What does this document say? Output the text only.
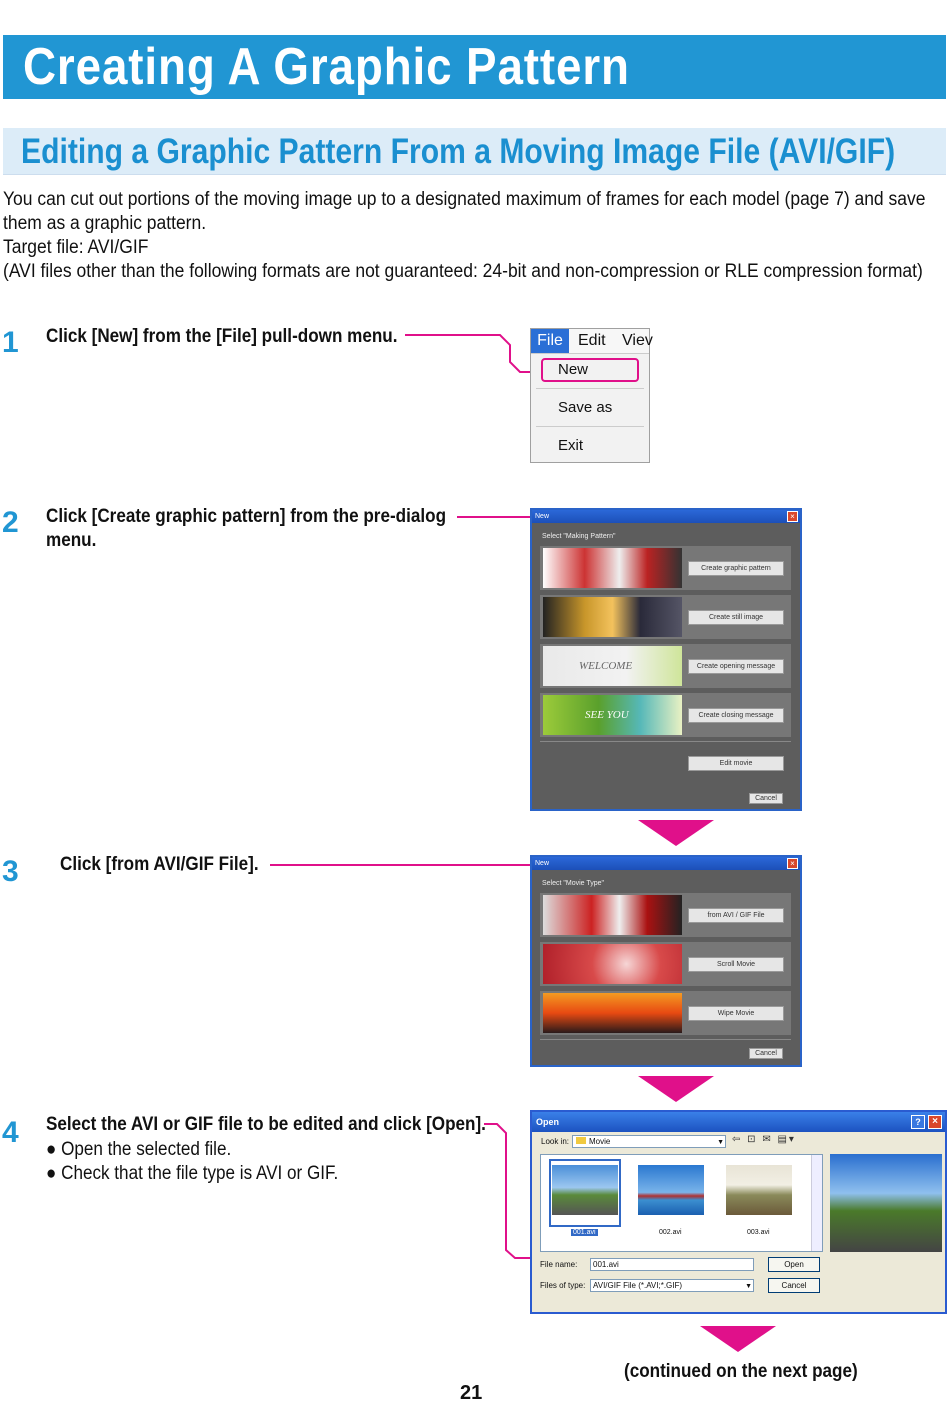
Creating A Graphic Pattern
Editing a Graphic Pattern From a Moving Image File (AVI/GIF)

You can cut out portions of the moving image up to a designated maximum of frames for each model (page 7) and save

them as a graphic pattern.

Target file: AVI/GIF

(AVI files other than the following formats are not guaranteed: 24-bit and non-compression or RLE compression format)

1 Click [New] from the [File] pull-down menu.	File Edit Viev
New
Save as
Exit
2 Click [Create graphic pattern] from the pre-dialog
menu.
New	×
Select "Making Pattern"
WELCOME
SEE YOU
Create graphic pattern
Create still image
Create opening message
Create closing message
Edit movie
Cancel
3 Click [from AVI/GIF File].	New	×
Select "Movie Type"
from AVI / GIF File
Scroll Movie
Wipe Movie
Cancel
4 Select the AVI or GIF file to be edited and click [Open].
● Open the selected file.
● Check that the file type is AVI or GIF.
Open	?	×
Look in:	Movie	▼ ⇦ ⊡ ✉ ▤▾
001.avi	002.avi	003.avi
File name:	001.avi	Open
Files of type: AVI/GIF File (*.AVI;*.GIF)	▼	Cancel
(continued on the next page)
21
